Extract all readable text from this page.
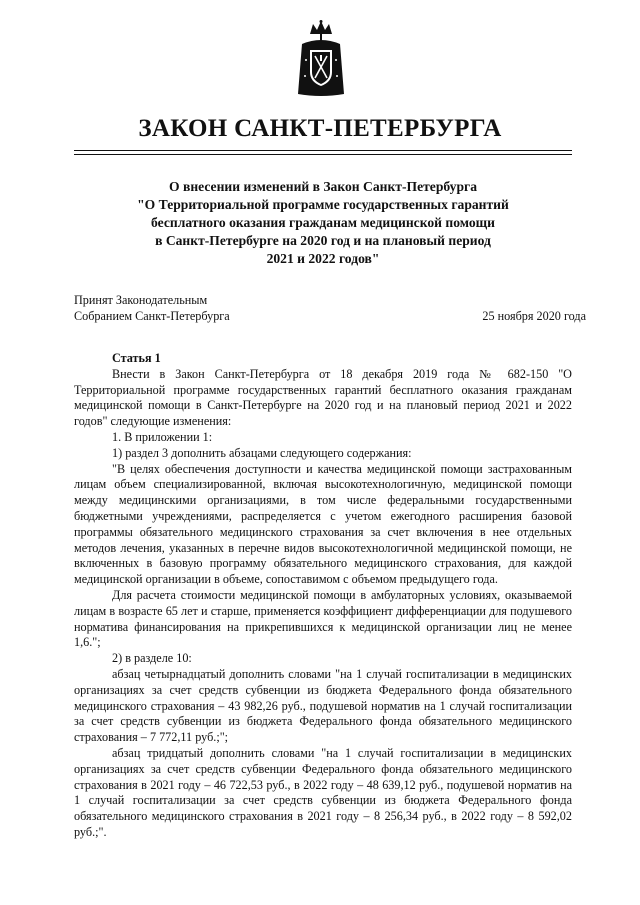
ЗАКОН САНКТ-ПЕТЕРБУРГА
О внесении изменений в Закон Санкт-Петербурга
"О Территориальной программе государственных гарантий
бесплатного оказания гражданам медицинской помощи
в Санкт-Петербурге на 2020 год и на плановый период
2021 и 2022 годов"
Принят Законодательным
Собранием Санкт-Петербурга	25 ноября 2020 года

Статья 1

Внести в Закон Санкт-Петербурга от 18 декабря 2019 года № 682-150 "О Территориальной программе государственных гарантий бесплатного оказания гражданам медицинской помощи в Санкт-Петербурге на 2020 год и на плановый период 2021 и 2022 годов" следующие изменения:

1. В приложении 1:

1) раздел 3 дополнить абзацами следующего содержания:

"В целях обеспечения доступности и качества медицинской помощи застрахованным лицам объем специализированной, включая высокотехнологичную, медицинской помощи между медицинскими организациями, в том числе федеральными государственными бюджетными учреждениями, распределяется с учетом ежегодного расширения базовой программы обязательного медицинского страхования за счет включения в нее отдельных методов лечения, указанных в перечне видов высокотехнологичной медицинской помощи, не включенных в базовую программу обязательного медицинского страхования, для каждой медицинской организации в объеме, сопоставимом с объемом предыдущего года.

Для расчета стоимости медицинской помощи в амбулаторных условиях, оказываемой лицам в возрасте 65 лет и старше, применяется коэффициент дифференциации для подушевого норматива финансирования на прикрепившихся к медицинской организации лиц не менее 1,6.";

2) в разделе 10:

абзац четырнадцатый дополнить словами "на 1 случай госпитализации в медицинских организациях за счет средств субвенции из бюджета Федерального фонда обязательного медицинского страхования – 43 982,26 руб., подушевой норматив на 1 случай госпитализации за счет средств субвенции из бюджета Федерального фонда обязательного медицинского страхования – 7 772,11 руб.;";

абзац тридцатый дополнить словами "на 1 случай госпитализации в медицинских организациях за счет средств субвенции Федерального фонда обязательного медицинского страхования в 2021 году – 46 722,53 руб., в 2022 году – 48 639,12 руб., подушевой норматив на 1 случай госпитализации за счет средств субвенции из бюджета Федерального фонда обязательного медицинского страхования в 2021 году – 8 256,34 руб., в 2022 году – 8 592,02 руб.;".
